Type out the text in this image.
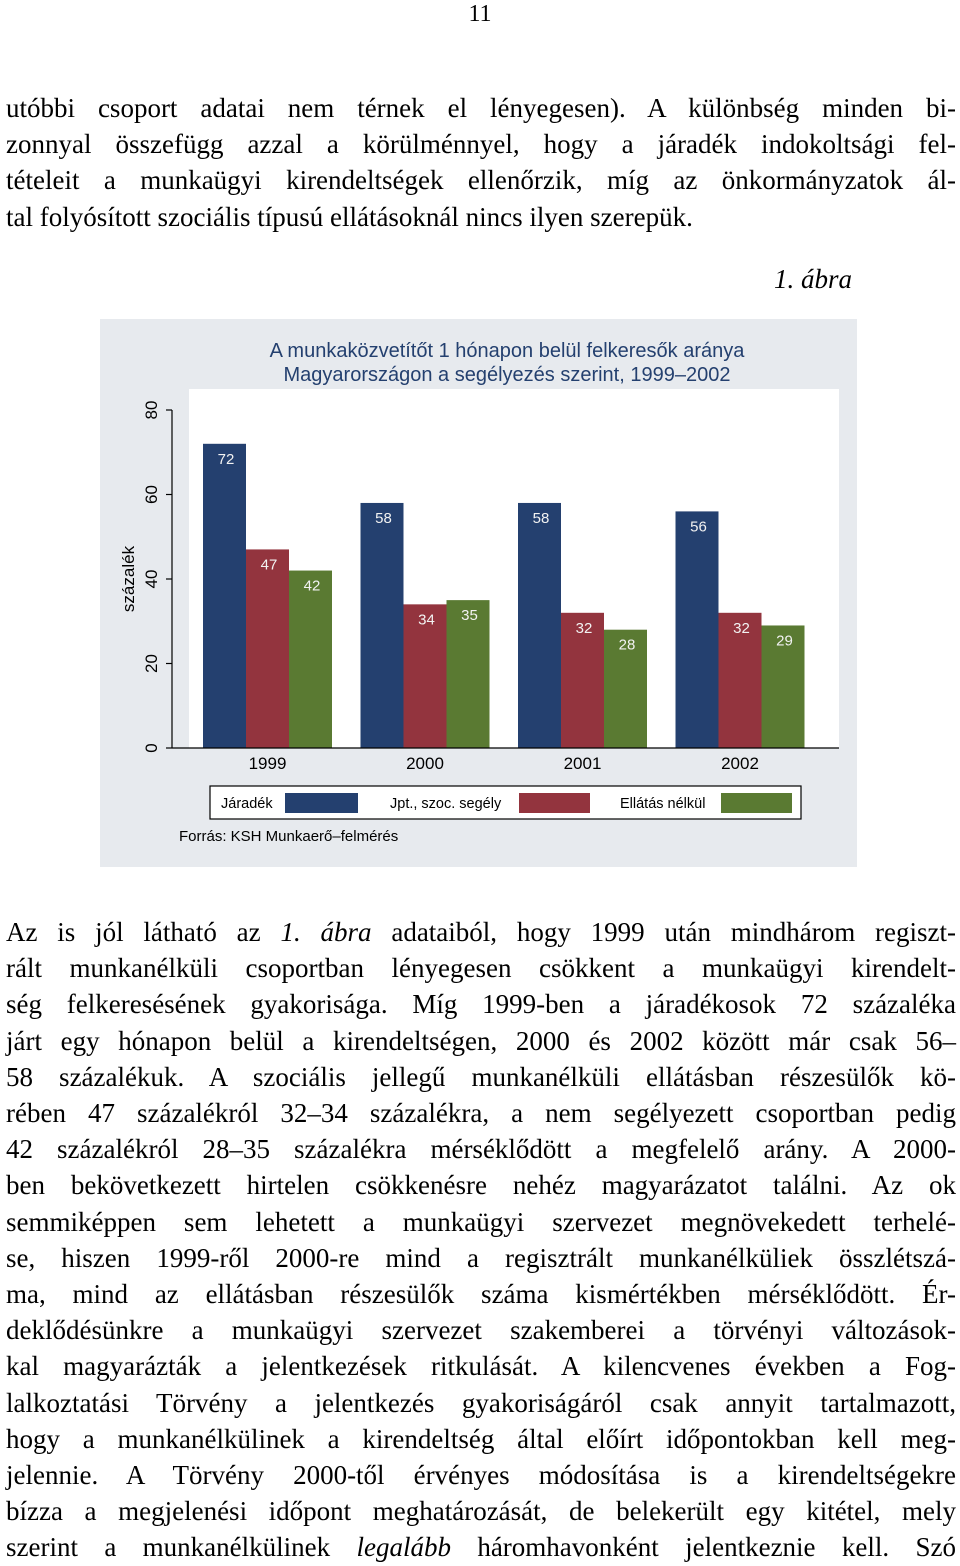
11
utóbbi csoport adatai nem térnek el lényegesen). A különbség minden bi-
zonnyal összefügg azzal a körülménnyel, hogy a járadék indokoltsági fel-
tételeit a munkaügyi kirendeltségek ellenőrzik, míg az önkormányzatok ál-
tal folyósított szociális típusú ellátásoknál nincs ilyen szerepük.
1. ábra
A munkaközvetítőt 1 hónapon belül felkeresők aránya
Magyarországon a segélyezés szerint, 1999–2002
72
47
42
58
34 35
58
32
28
56
32
29
0
20
40
60
80
százalék
1999	2000	2001	2002
Járadék	Jpt., szoc. segély	Ellátás nélkül
Forrás: KSH Munkaerő–felmérés
Az is jól látható az 1. ábra adataiból, hogy 1999 után mindhárom regiszt-
rált munkanélküli csoportban lényegesen csökkent a munkaügyi kirendelt-
ség felkeresésének gyakorisága. Míg 1999-ben a járadékosok 72 százaléka
járt egy hónapon belül a kirendeltségen, 2000 és 2002 között már csak 56–
58 százalékuk. A szociális jellegű munkanélküli ellátásban részesülők kö-
rében 47 százalékról 32–34 százalékra, a nem segélyezett csoportban pedig
42 százalékról 28–35 százalékra mérséklődött a megfelelő arány. A 2000-
ben bekövetkezett hirtelen csökkenésre nehéz magyarázatot találni. Az ok
semmiképpen sem lehetett a munkaügyi szervezet megnövekedett terhelé-
se, hiszen 1999-ről 2000-re mind a regisztrált munkanélküliek összlétszá-
ma, mind az ellátásban részesülők száma kismértékben mérséklődött. Ér-
deklődésünkre a munkaügyi szervezet szakemberei a törvényi változások-
kal magyarázták a jelentkezések ritkulását. A kilencvenes években a Fog-
lalkoztatási Törvény a jelentkezés gyakoriságáról csak annyit tartalmazott,
hogy a munkanélkülinek a kirendeltség által előírt időpontokban kell meg-
jelennie. A Törvény 2000-től érvényes módosítása is a kirendeltségekre
bízza a megjelenési időpont meghatározását, de belekerült egy kitétel, mely
szerint a munkanélkülinek legalább háromhavonként jelentkeznie kell. Szó
